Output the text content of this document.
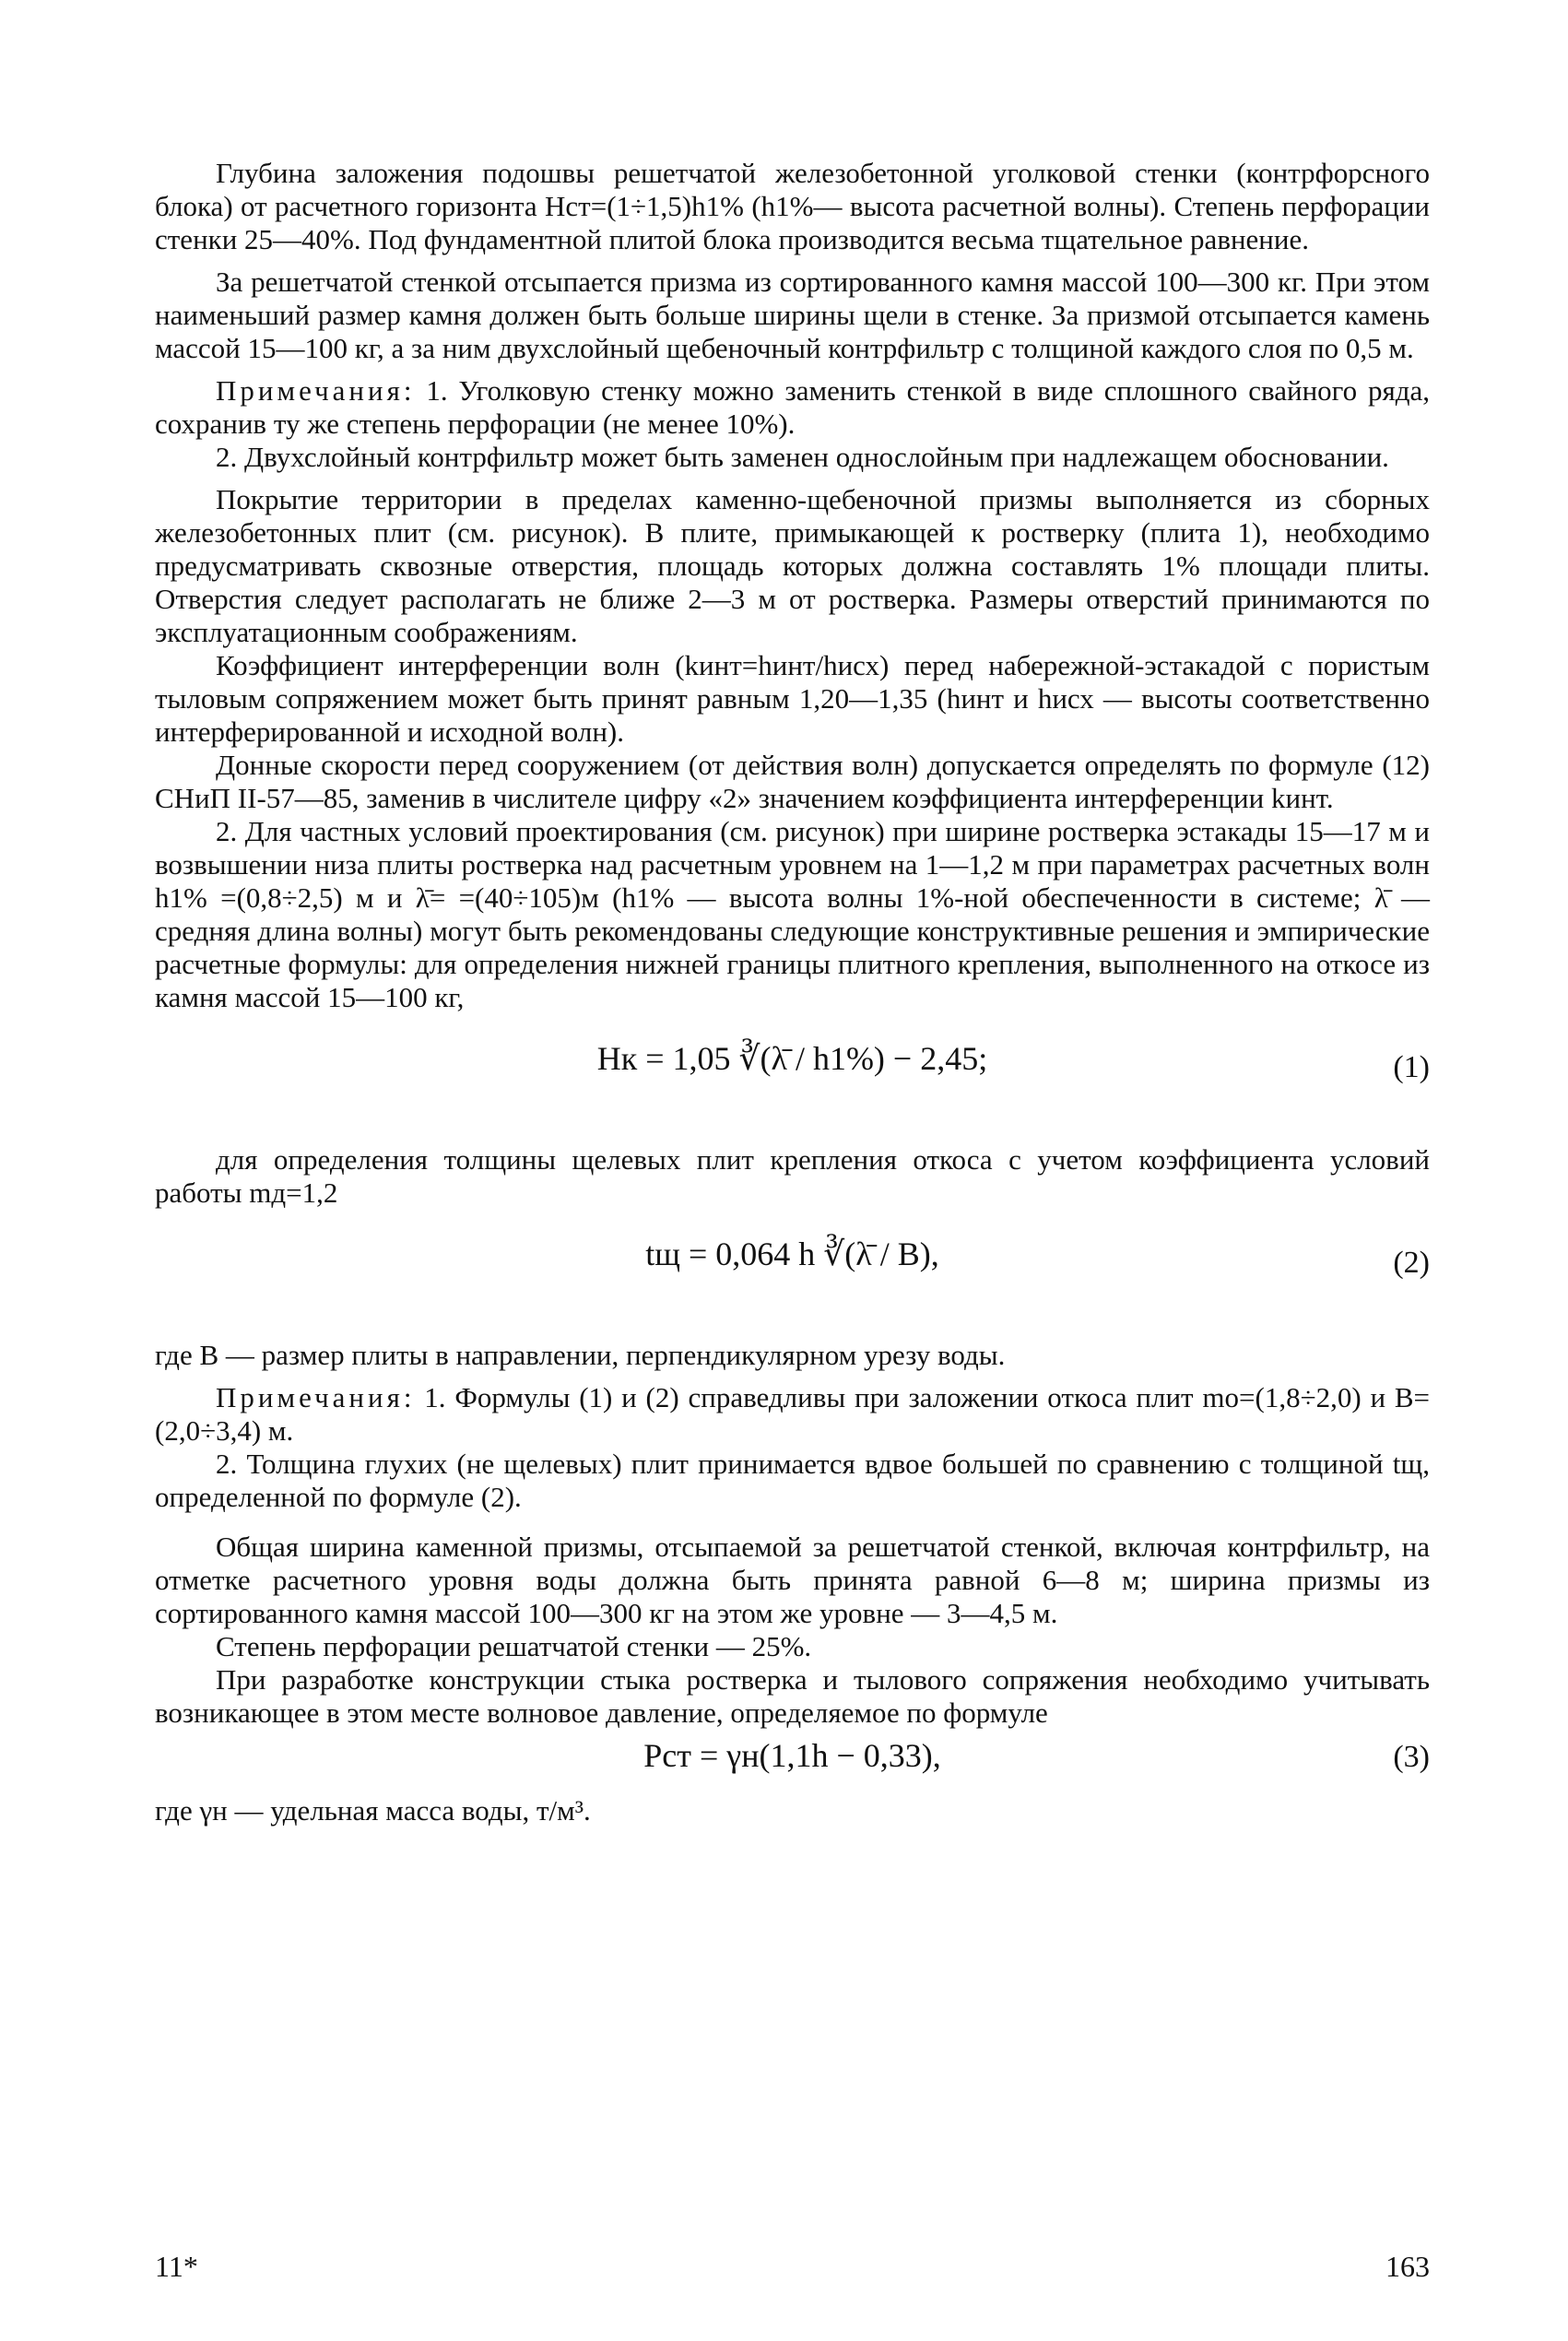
Глубина заложения подошвы решетчатой железобетонной уголковой стенки (контрфорсного блока) от расчетного горизонта Hст=(1÷1,5)h1% (h1%— высота расчетной волны). Степень перфорации стенки 25—40%. Под фундаментной плитой блока производится весьма тщательное равнение.

За решетчатой стенкой отсыпается призма из сортированного камня массой 100—300 кг. При этом наименьший размер камня должен быть больше ширины щели в стенке. За призмой отсыпается камень массой 15—100 кг, а за ним двухслойный щебеночный контрфильтр с толщиной каждого слоя по 0,5 м.

Примечания: 1. Уголковую стенку можно заменить стенкой в виде сплошного свайного ряда, сохранив ту же степень перфорации (не менее 10%).

2. Двухслойный контрфильтр может быть заменен однослойным при надлежащем обосновании.

Покрытие территории в пределах каменно-щебеночной призмы выполняется из сборных железобетонных плит (см. рисунок). В плите, примыкающей к ростверку (плита 1), необходимо предусматривать сквозные отверстия, площадь которых должна составлять 1% площади плиты. Отверстия следует располагать не ближе 2—3 м от ростверка. Размеры отверстий принимаются по эксплуатационным соображениям.

Коэффициент интерференции волн (kинт=hинт/hисх) перед набережной-эстакадой с пористым тыловым сопряжением может быть принят равным 1,20—1,35 (hинт и hисх — высоты соответственно интерферированной и исходной волн).

Донные скорости перед сооружением (от действия волн) допускается определять по формуле (12) СНиП II-57—85, заменив в числителе цифру «2» значением коэффициента интерференции kинт.

2. Для частных условий проектирования (см. рисунок) при ширине ростверка эстакады 15—17 м и возвышении низа плиты ростверка над расчетным уровнем на 1—1,2 м при параметрах расчетных волн h1% =(0,8÷2,5) м и λ̄= =(40÷105)м (h1% — высота волны 1%-ной обеспеченности в системе; λ̄ — средняя длина волны) могут быть рекомендованы следующие конструктивные решения и эмпирические расчетные формулы: для определения нижней границы плитного крепления, выполненного на откосе из камня массой 15—100 кг,

Hк = 1,05 ∛(λ̄ / h1%) − 2,45;	(1)

для определения толщины щелевых плит крепления откоса с учетом коэффициента условий работы mд=1,2

tщ = 0,064 h ∛(λ̄ / B),	(2)

где B — размер плиты в направлении, перпендикулярном урезу воды.

Примечания: 1. Формулы (1) и (2) справедливы при заложении откоса плит mо=(1,8÷2,0) и B=(2,0÷3,4) м.

2. Толщина глухих (не щелевых) плит принимается вдвое большей по сравнению с толщиной tщ, определенной по формуле (2).

Общая ширина каменной призмы, отсыпаемой за решетчатой стенкой, включая контрфильтр, на отметке расчетного уровня воды должна быть принята равной 6—8 м; ширина призмы из сортированного камня массой 100—300 кг на этом же уровне — 3—4,5 м.

Степень перфорации решатчатой стенки — 25%.

При разработке конструкции стыка ростверка и тылового сопряжения необходимо учитывать возникающее в этом месте волновое давление, определяемое по формуле

Pст = γн(1,1h − 0,33),	(3)

где γн — удельная масса воды, т/м³.

11*	163
